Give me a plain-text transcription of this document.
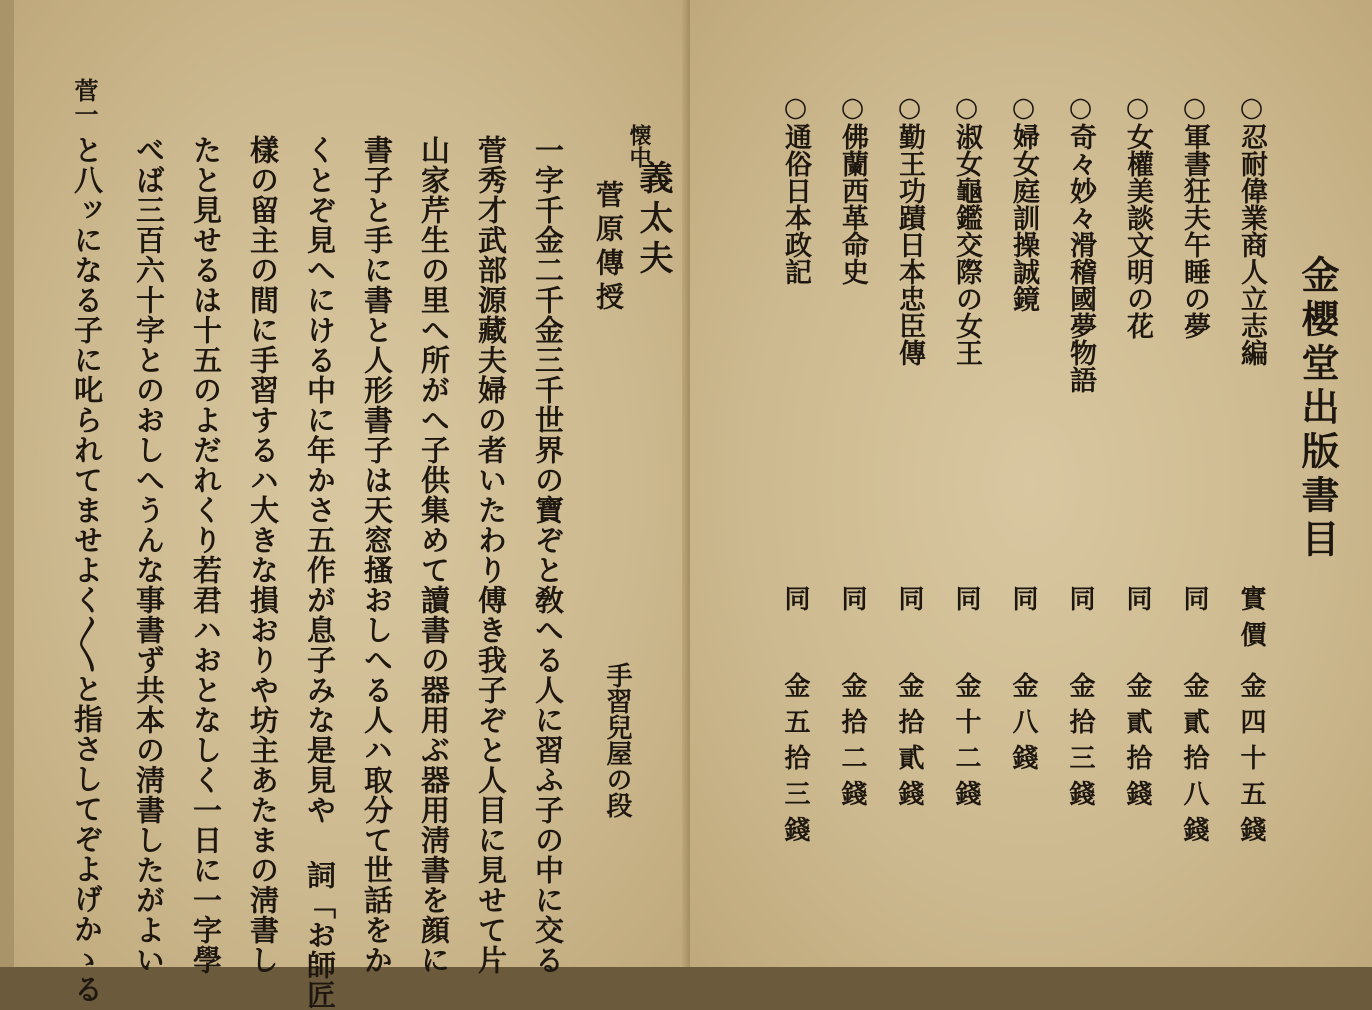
菅一
と八ッになる子に叱られてませよく〳〵と指さしてぞよげかゝる べば三百六十字とのおしへうんな事書ず共本の淸書したがよい たと見せるは十五のよだれくり若君ハおとなしく一日に一字學 樣の留主の間に手習するハ大きな損おりや坊主あたまの淸書し くとぞ見へにける中に年かさ五作が息子みな是見や 詞「お師匠 書子と手に書と人形書子は天窓搔おしへる人ハ取分て世話をか 山家芹生の里へ所がへ子供集めて讀書の器用ぶ器用淸書を顔に 菅秀才武部源藏夫婦の者いたわり傅き我子ぞと人目に見せて片 一字千金二千金三千世界の寶ぞと敎へる人に習ふ子の中に交る 菅原傳授
懐中
義太夫
手習兒屋の段
金櫻堂出版書目
○忍耐偉業商人立志編
○軍書狂夫午睡の夢
○女權美談文明の花
○奇々妙々滑稽國夢物語
○婦女庭訓操誠鏡
○淑女龜鑑交際の女王
○勤王功蹟日本忠臣傳
○佛蘭西革命史
○通俗日本政記
實價
同
同
同
同
同
同
同
同
金四十五錢
金貳拾八錢
金貳拾錢
金拾三錢
金八錢
金十二錢
金拾貳錢
金拾二錢
金五拾三錢
